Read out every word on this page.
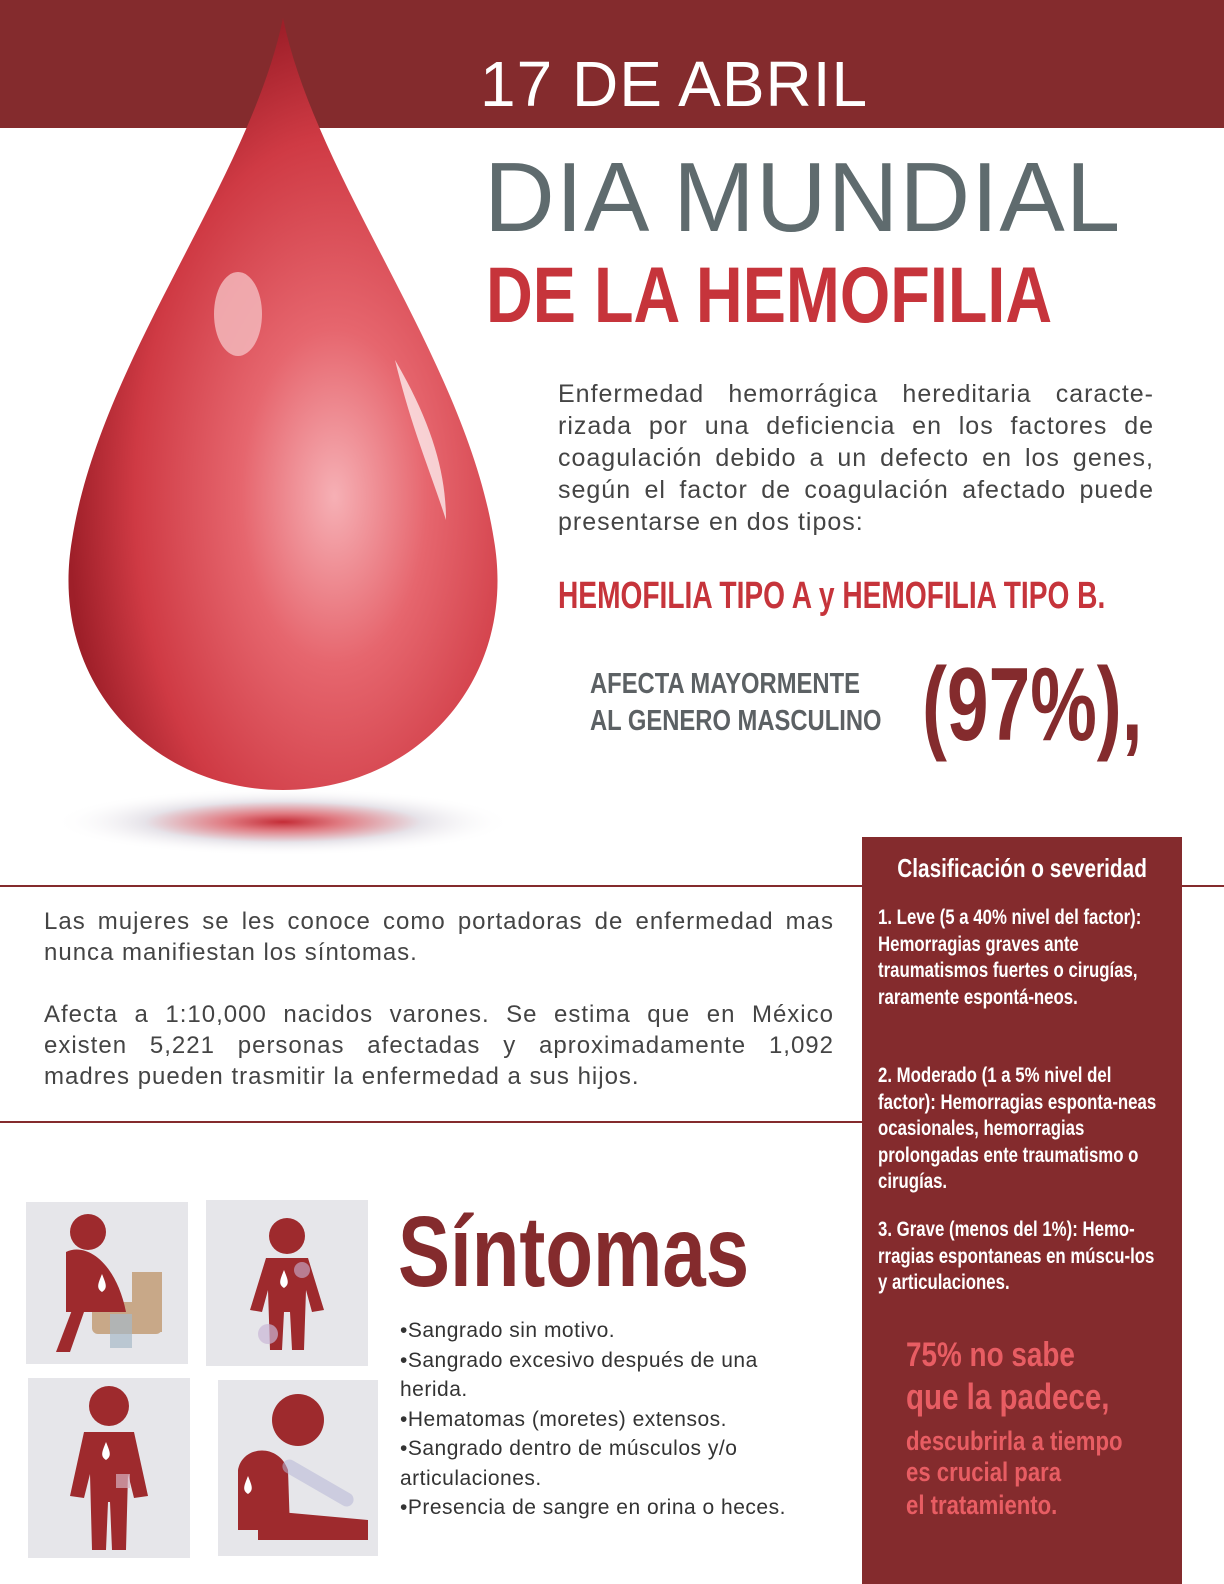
17 DE ABRIL
DIA MUNDIAL
DE LA HEMOFILIA

Enfermedad hemorrágica hereditaria caracte-rizada por una deficiencia en los factores de coagulación debido a un defecto en los genes, según el factor de coagulación afectado puede presentarse en dos tipos:

HEMOFILIA TIPO A y HEMOFILIA TIPO B.
AFECTA MAYORMENTE
AL GENERO MASCULINO (97%),

Las mujeres se les conoce como portadoras de enfermedad mas nunca manifiestan los síntomas.

Afecta a 1:10,000 nacidos varones. Se estima que en México existen 5,221 personas afectadas y aproximadamente 1,092 madres pueden trasmitir la enfermedad a sus hijos.

Clasificación o severidad

1. Leve (5 a 40% nivel del factor): Hemorragias graves ante traumatismos fuertes o cirugías, raramente espontá-neos.

2. Moderado (1 a 5% nivel del factor): Hemorragias esponta-neas ocasionales, hemorragias prolongadas ente traumatismo o cirugías.

3. Grave (menos del 1%): Hemo-rragias espontaneas en múscu-los y articulaciones.

75% no sabe
que la padece,
descubrirla a tiempo
es crucial para
el tratamiento.
Síntomas
•Sangrado sin motivo.
•Sangrado excesivo después de una herida.
•Hematomas (moretes) extensos.
•Sangrado dentro de músculos y/o articulaciones.
•Presencia de sangre en orina o heces.
